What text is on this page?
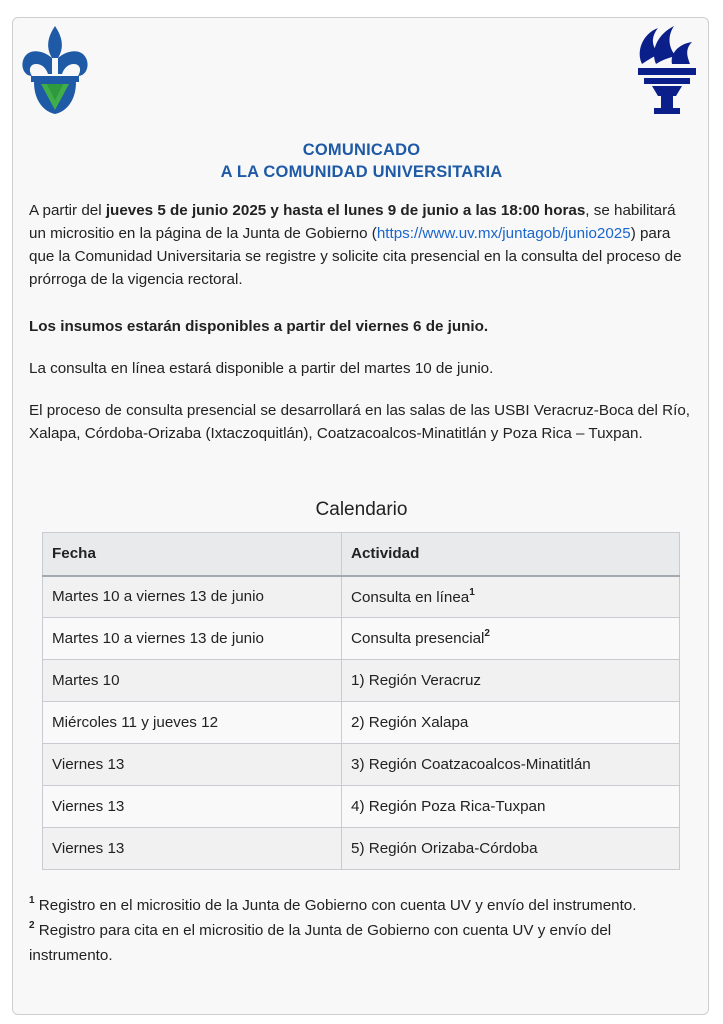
COMUNICADO
A LA COMUNIDAD UNIVERSITARIA
A partir del jueves 5 de junio 2025 y hasta el lunes 9 de junio a las 18:00 horas, se habilitará un micrositio en la página de la Junta de Gobierno (https://www.uv.mx/juntagob/junio2025) para que la Comunidad Universitaria se registre y solicite cita presencial en la consulta del proceso de prórroga de la vigencia rectoral.
Los insumos estarán disponibles a partir del viernes 6 de junio.
La consulta en línea estará disponible a partir del martes 10 de junio.
El proceso de consulta presencial se desarrollará en las salas de las USBI Veracruz-Boca del Río, Xalapa, Córdoba-Orizaba (Ixtaczoquitlán), Coatzacoalcos-Minatitlán y Poza Rica – Tuxpan.
Calendario
Fecha	Actividad
Martes 10 a viernes 13 de junio	Consulta en línea$^1$
Martes 10 a viernes 13 de junio	Consulta presencial$^2$
Martes 10	1) Región Veracruz
Miércoles 11 y jueves 12	2) Región Xalapa
Viernes 13	3) Región Coatzacoalcos-Minatitlán
Viernes 13	4) Región Poza Rica-Tuxpan
Viernes 13	5) Región Orizaba-Córdoba
$^1$ Registro en el micrositio de la Junta de Gobierno con cuenta UV y envío del instrumento.
$^2$ Registro para cita en el micrositio de la Junta de Gobierno con cuenta UV y envío del instrumento.
